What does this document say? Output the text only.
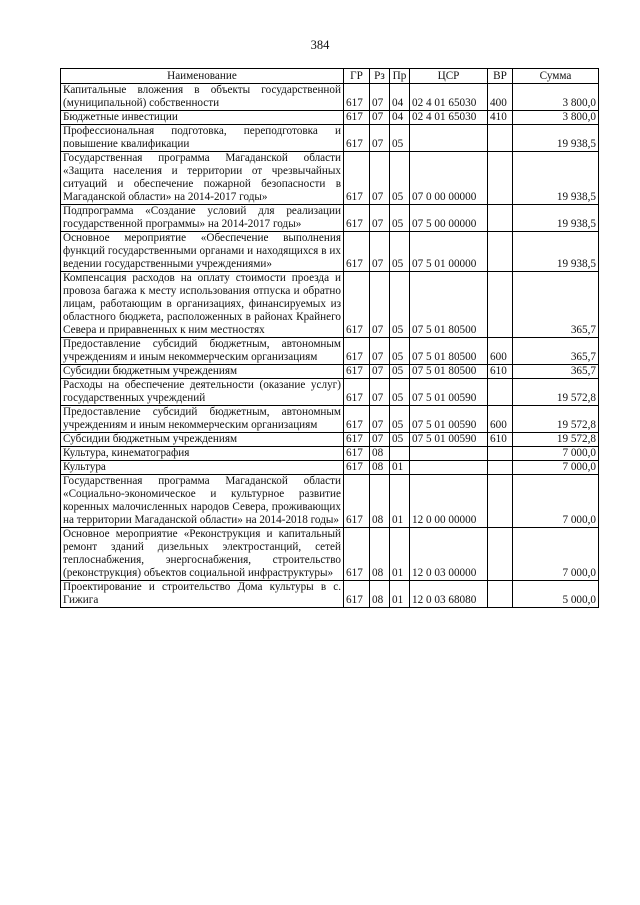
384
Наименование	ГР	Рз	Пр	ЦСР	ВР	Сумма
Капитальные вложения в объекты государственной (муниципальной) собственности	617	07	04	02 4 01 65030	400	3 800,0
Бюджетные инвестиции	617	07	04	02 4 01 65030	410	3 800,0
Профессиональная подготовка, переподготовка и повышение квалификации	617	07	05			19 938,5
Государственная программа Магаданской области «Защита населения и территории от чрезвычайных ситуаций и обеспечение пожарной безопасности в Магаданской области» на 2014-2017 годы»	617	07	05	07 0 00 00000		19 938,5
Подпрограмма «Создание условий для реализации государственной программы» на 2014-2017 годы»	617	07	05	07 5 00 00000		19 938,5
Основное мероприятие «Обеспечение выполнения функций государственными органами и находящихся в их ведении государственными учреждениями»	617	07	05	07 5 01 00000		19 938,5
Компенсация расходов на оплату стоимости проезда и провоза багажа к месту использования отпуска и обратно лицам, работающим в организациях, финансируемых из областного бюджета, расположенных в районах Крайнего Севера и приравненных к ним местностях	617	07	05	07 5 01 80500		365,7
Предоставление субсидий бюджетным, автономным учреждениям и иным некоммерческим организациям	617	07	05	07 5 01 80500	600	365,7
Субсидии бюджетным учреждениям	617	07	05	07 5 01 80500	610	365,7
Расходы на обеспечение деятельности (оказание услуг) государственных учреждений	617	07	05	07 5 01 00590		19 572,8
Предоставление субсидий бюджетным, автономным учреждениям и иным некоммерческим организациям	617	07	05	07 5 01 00590	600	19 572,8
Субсидии бюджетным учреждениям	617	07	05	07 5 01 00590	610	19 572,8
Культура, кинематография	617	08				7 000,0
Культура	617	08	01			7 000,0
Государственная программа Магаданской области «Социально-экономическое и культурное развитие коренных малочисленных народов Севера, проживающих на территории Магаданской области» на 2014-2018 годы»	617	08	01	12 0 00 00000		7 000,0
Основное мероприятие «Реконструкция и капитальный ремонт зданий дизельных электростанций, сетей теплоснабжения, энергоснабжения, строительство (реконструкция) объектов социальной инфраструктуры»	617	08	01	12 0 03 00000		7 000,0
Проектирование и строительство Дома культуры в с. Гижига	617	08	01	12 0 03 68080		5 000,0
